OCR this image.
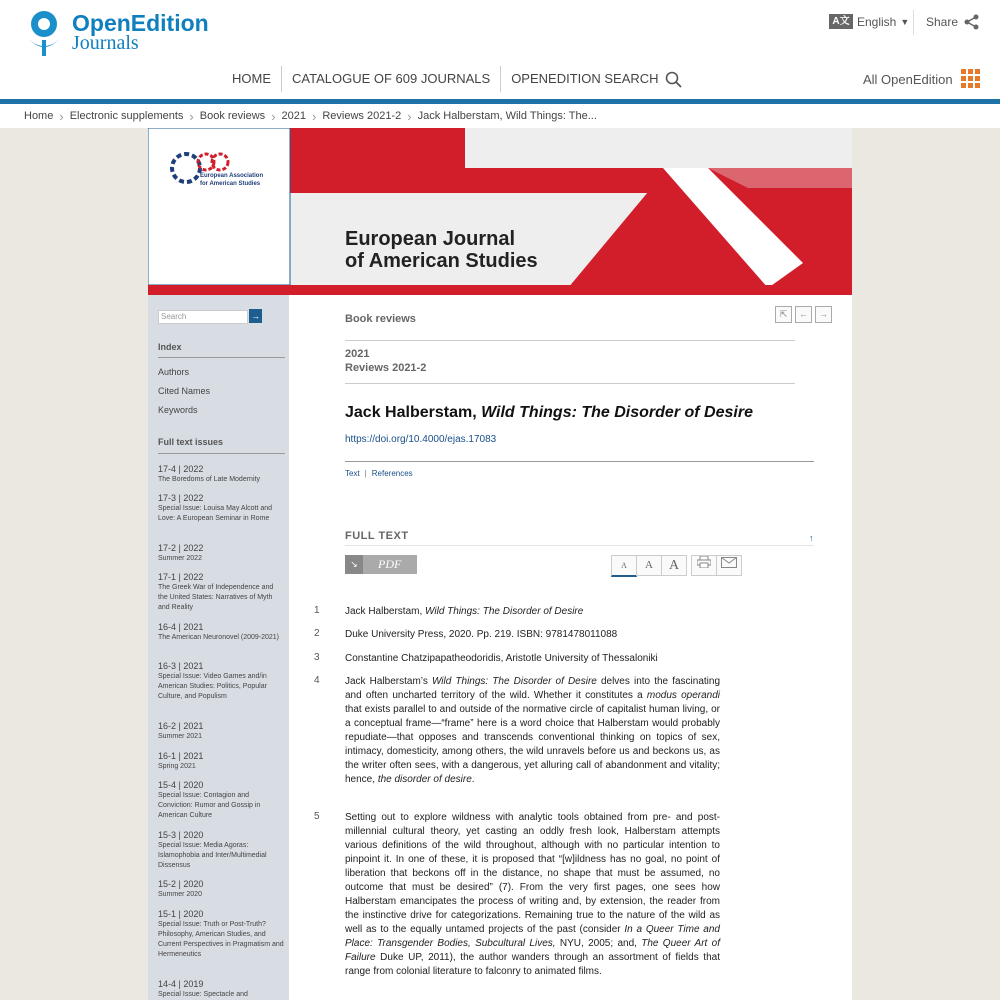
OpenEdition
Journals
A文 English ▼ Share
HOME	CATALOGUE OF 609 JOURNALS	OPENEDITION SEARCH	All OpenEdition
Home › Electronic supplements › Book reviews › 2021 › Reviews 2021-2 › Jack Halberstam, Wild Things: The...
European Association
for American Studies
European Journal
of American Studies
Search	→
Index
Authors
Cited Names
Keywords
Full text issues
17-4 | 2022
The Boredoms of Late Modernity
17-3 | 2022
Special Issue: Louisa May Alcott and Love: A European Seminar in Rome
17-2 | 2022
Summer 2022
17-1 | 2022
The Greek War of Independence and the United States: Narratives of Myth and Reality
16-4 | 2021
The American Neuronovel (2009-2021)
16-3 | 2021
Special Issue: Video Games and/in American Studies: Politics, Popular Culture, and Populism
16-2 | 2021
Summer 2021
16-1 | 2021
Spring 2021
15-4 | 2020
Special Issue: Contagion and Conviction: Rumor and Gossip in American Culture
15-3 | 2020
Special Issue: Media Agoras: Islamophobia and Inter/Multimedial Dissensus
15-2 | 2020
Summer 2020
15-1 | 2020
Special Issue: Truth or Post-Truth? Philosophy, American Studies, and Current Perspectives in Pragmatism and Hermeneutics
14-4 | 2019
Special Issue: Spectacle and
⇱	←	→
Book reviews
2021
Reviews 2021-2
Jack Halberstam, Wild Things: The Disorder of Desire
https://doi.org/10.4000/ejas.17083
Text | References
FULL TEXT	↑
↘	PDF	A	A	A
1	Jack Halberstam, Wild Things: The Disorder of Desire
2	Duke University Press, 2020. Pp. 219. ISBN: 9781478011088
3	Constantine Chatzipapatheodoridis, Aristotle University of Thessaloniki
4	Jack Halberstam’s Wild Things: The Disorder of Desire delves into the fascinating and often uncharted territory of the wild. Whether it constitutes a modus operandi that exists parallel to and outside of the normative circle of capitalist human living, or a conceptual frame—“frame” here is a word choice that Halberstam would probably repudiate—that opposes and transcends conventional thinking on topics of sex, intimacy, domesticity, among others, the wild unravels before us and beckons us, as the writer often sees, with a dangerous, yet alluring call of abandonment and vitality; hence, the disorder of desire.
5	Setting out to explore wildness with analytic tools obtained from pre- and post-millennial cultural theory, yet casting an oddly fresh look, Halberstam attempts various definitions of the wild throughout, although with no particular intention to pinpoint it. In one of these, it is proposed that “[w]ildness has no goal, no point of liberation that beckons off in the distance, no shape that must be assumed, no outcome that must be desired” (7). From the very first pages, one sees how Halberstam emancipates the process of writing and, by extension, the reader from the instinctive drive for categorizations. Remaining true to the nature of the wild as well as to the equally untamed projects of the past (consider In a Queer Time and Place: Transgender Bodies, Subcultural Lives, NYU, 2005; and, The Queer Art of Failure Duke UP, 2011), the author wanders through an assortment of fields that range from colonial literature to falconry to animated films.
